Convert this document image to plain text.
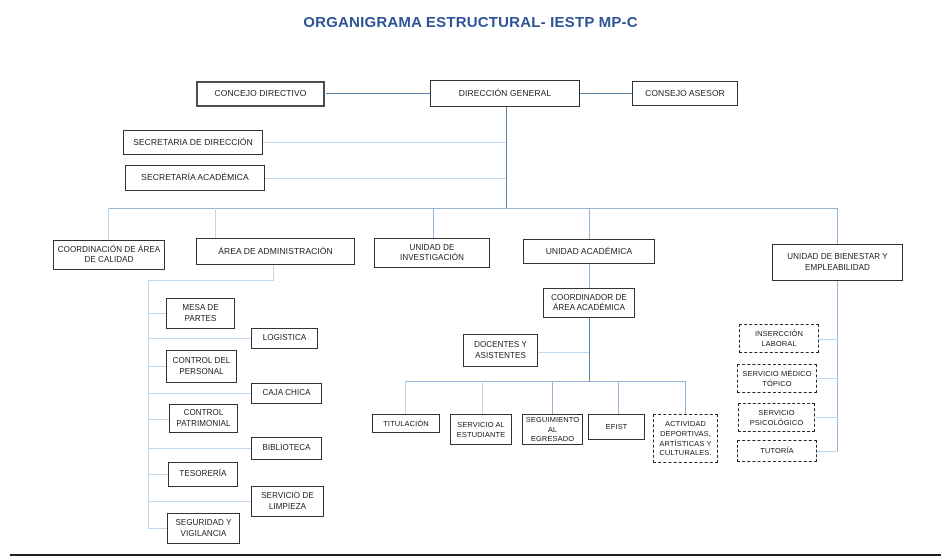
ORGANIGRAMA ESTRUCTURAL- IESTP MP-C
CONCEJO DIRECTIVO	DIRECCIÓN GENERAL	CONSEJO ASESOR
SECRETARIA DE DIRECCIÓN
SECRETARÍA ACADÉMICA
COORDINACIÓN DE ÁREA DE CALIDAD
ÁREA DE ADMINISTRACIÓN	UNIDAD DE INVESTIGACIÓN
UNIDAD ACADÉMICA
UNIDAD DE BIENESTAR Y EMPLEABILIDAD
COORDINADOR DE ÁREA ACADÉMICA
DOCENTES Y ASISTENTES
MESA DE PARTES
LOGISTICA
CONTROL DEL PERSONAL
CAJA CHICA
CONTROL PATRIMONIAL
BIBLIOTECA
TESORERÍA
SERVICIO DE LIMPIEZA
SEGURIDAD Y VIGILANCIA
TITULACIÓN	SERVICIO AL ESTUDIANTE
SEGUIMIENTO AL EGRESADO
EFIST	ACTIVIDAD DEPORTIVAS, ARTÍSTICAS Y CULTURALES.
INSERCCIÓN LABORAL
SERVICIO MÉDICO TÓPICO
SERVICIO PSICOLÓGICO
TUTORÍA
